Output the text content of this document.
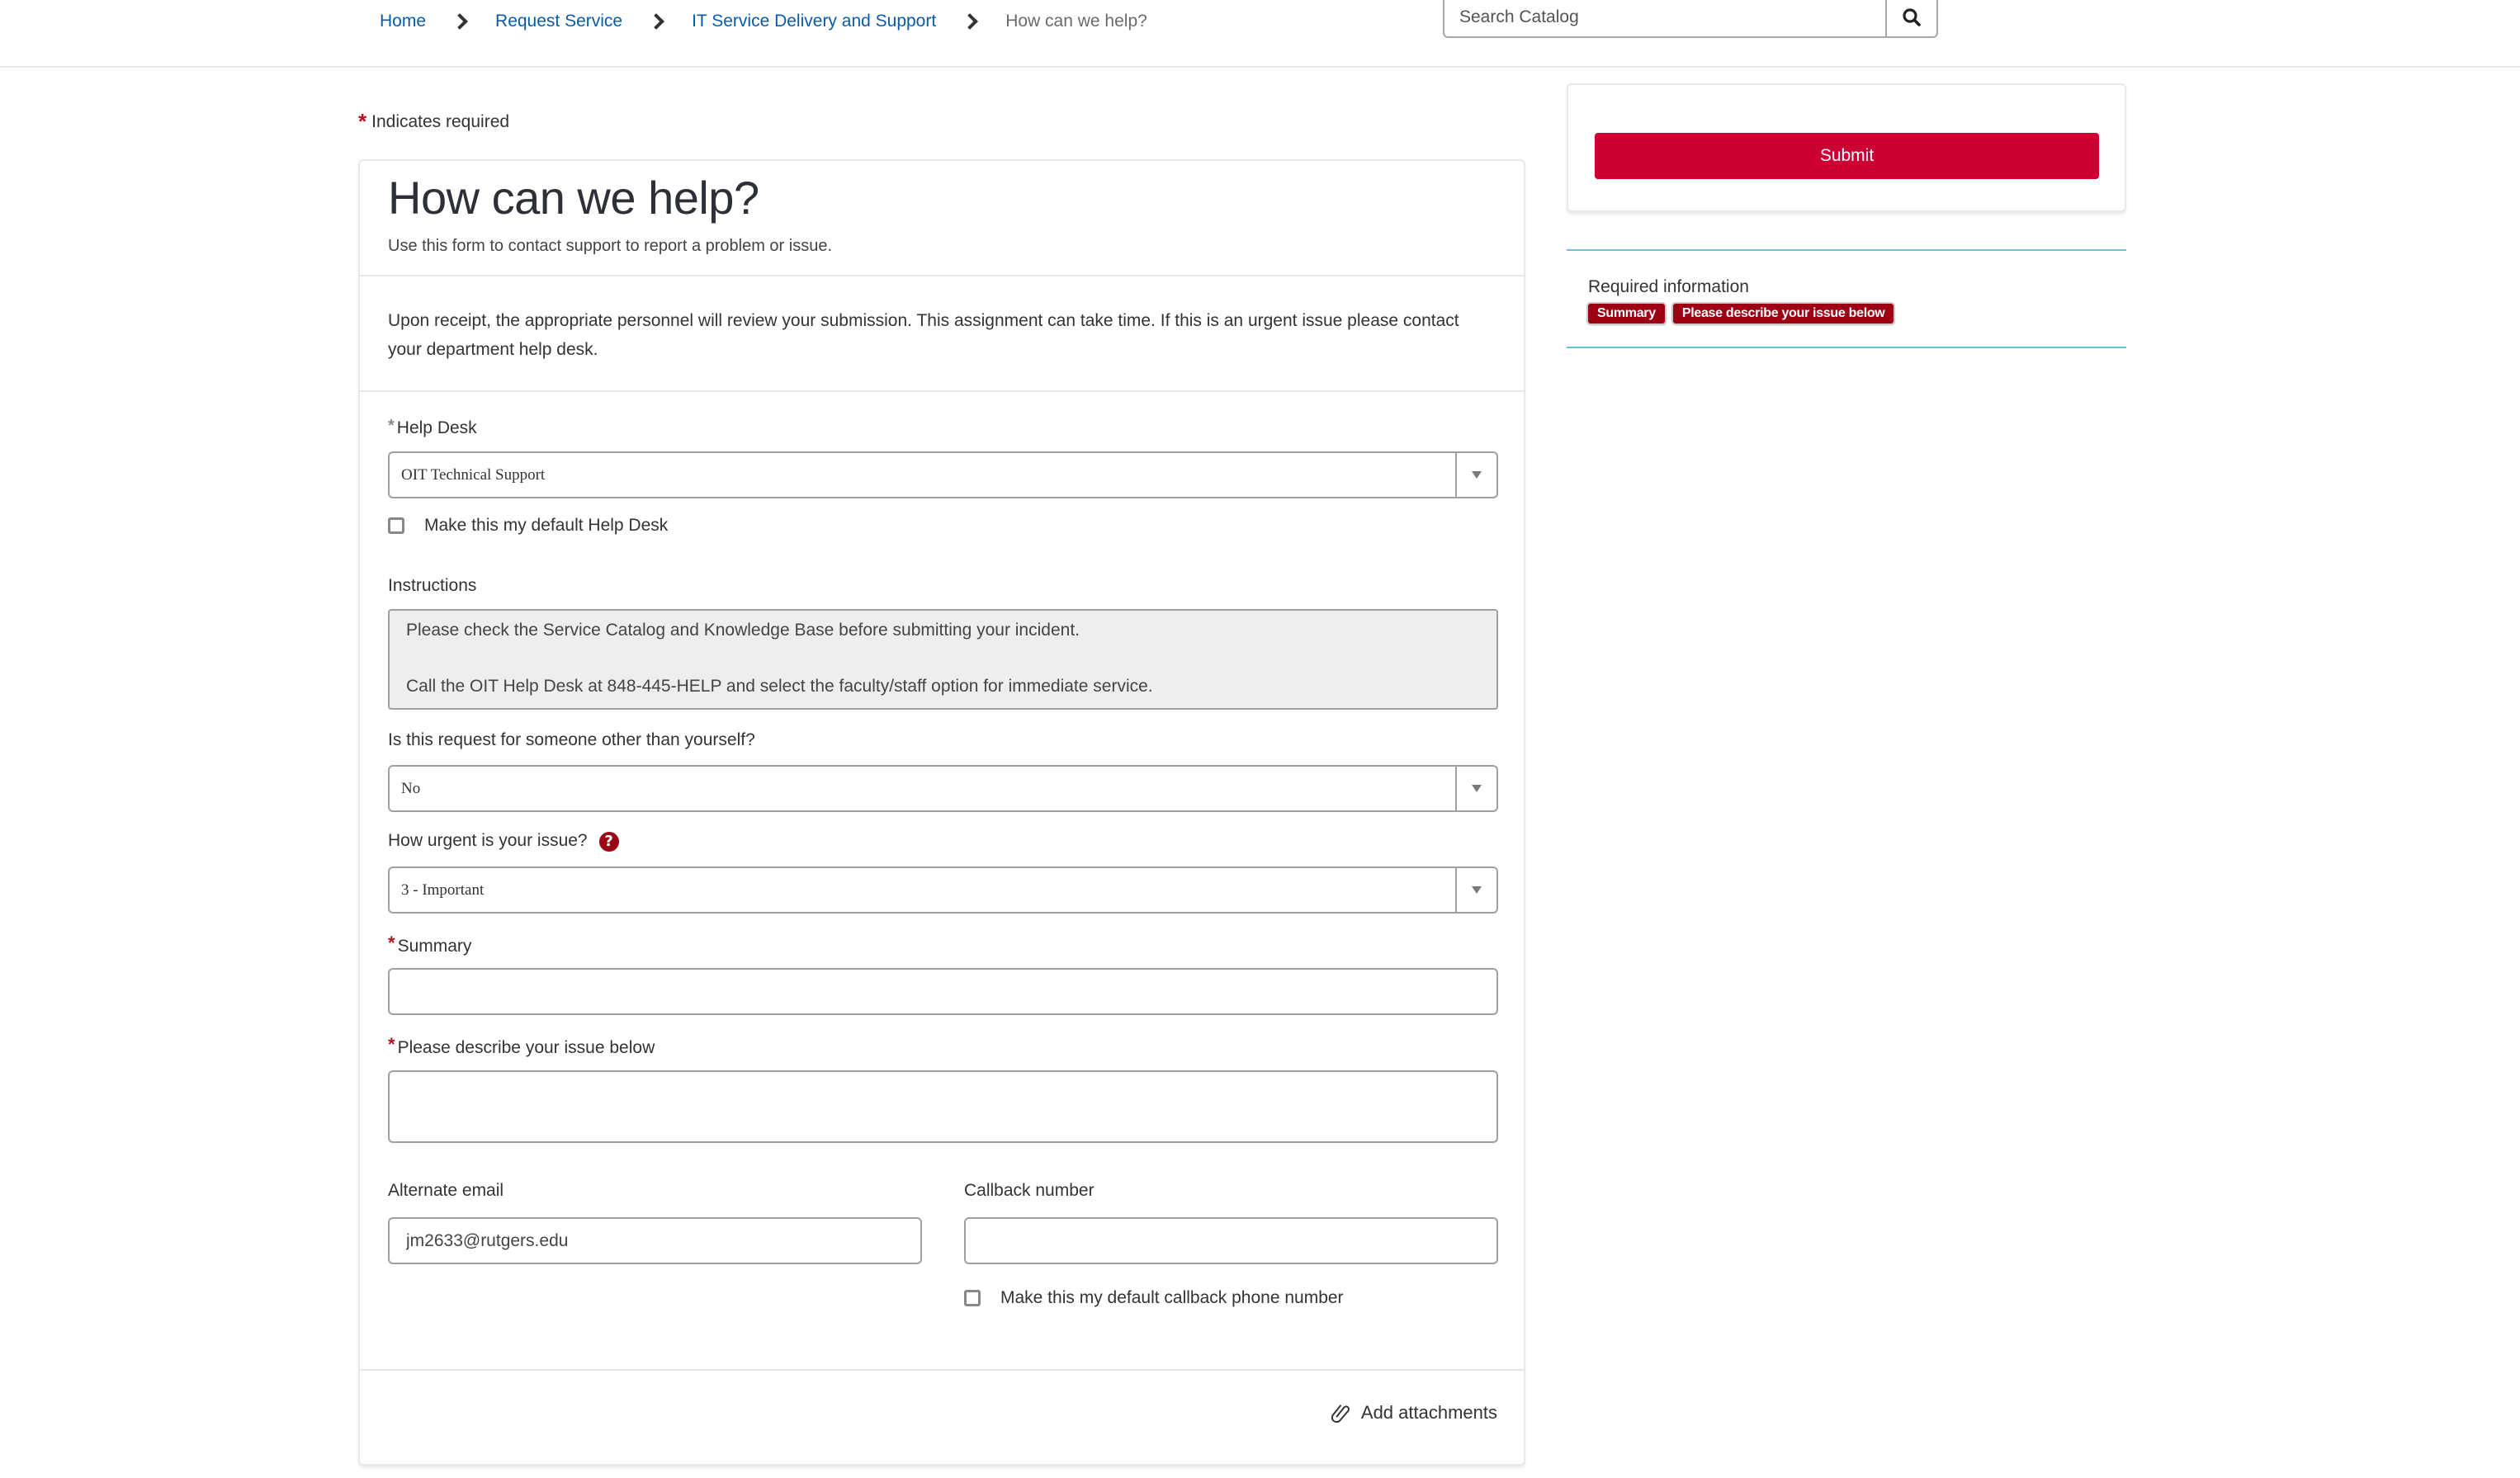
Home	Request Service	IT Service Delivery and Support	How can we help?
Search Catalog
* Indicates required
How can we help?
Use this form to contact support to report a problem or issue.
Upon receipt, the appropriate personnel will review your submission. This assignment can take time. If this is an urgent issue please contact your department help desk.
* Help Desk
OIT Technical Support
Make this my default Help Desk
Instructions
Please check the Service Catalog and Knowledge Base before submitting your incident.
Call the OIT Help Desk at 848-445-HELP and select the faculty/staff option for immediate service.
Is this request for someone other than yourself?
No
How urgent is your issue? ?
3 - Important
* Summary
* Please describe your issue below
Alternate email
jm2633@rutgers.edu	Callback number
Make this my default callback phone number
Add attachments
Submit
Required information
Summary	Please describe your issue below
